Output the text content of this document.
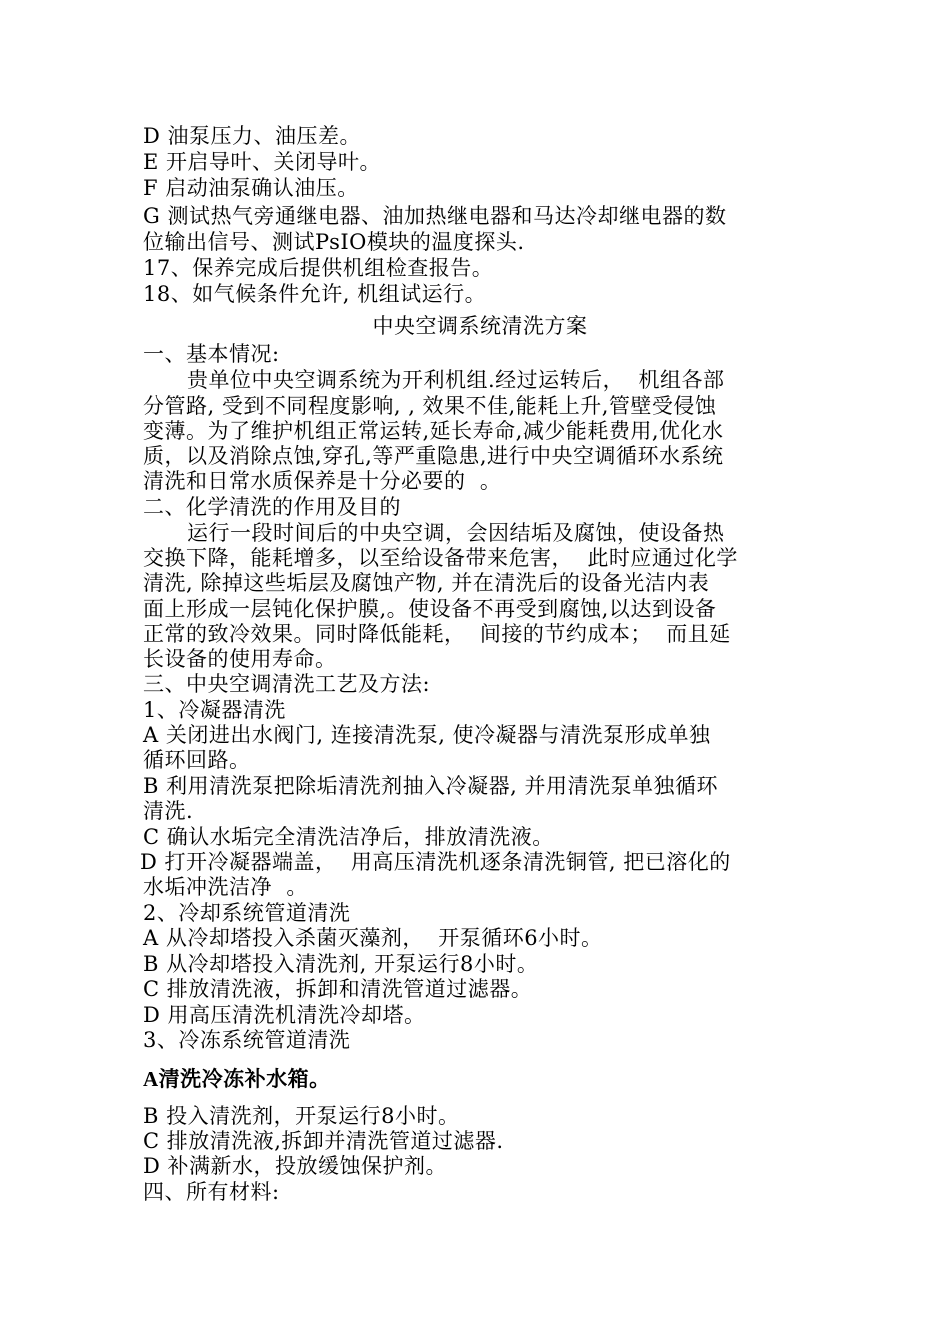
D 油泵压力、油压差。
E 开启导叶、关闭导叶。
F 启动油泵确认油压。
G 测试热气旁通继电器、油加热继电器和马达冷却继电器的数
位输出信号、测试PsIO模块的温度探头.
17、保养完成后提供机组检查报告。
18、如气候条件允许, 机组试运行。
中央空调系统清洗方案
一、基本情况:
贵单位中央空调系统为开利机组.经过运转后，  机组各部
分管路, 受到不同程度影响, , 效果不佳,能耗上升,管壁受侵蚀
变薄。为了维护机组正常运转,延长寿命,减少能耗费用,优化水
质，以及消除点蚀,穿孔,等严重隐患,进行中央空调循环水系统
清洗和日常水质保养是十分必要的  。
二、化学清洗的作用及目的
运行一段时间后的中央空调，会因结垢及腐蚀，使设备热
交换下降，能耗增多，以至给设备带来危害，  此时应通过化学
清洗, 除掉这些垢层及腐蚀产物, 并在清洗后的设备光洁内表
面上形成一层钝化保护膜,。使设备不再受到腐蚀,以达到设备
正常的致冷效果。同时降低能耗，  间接的节约成本；  而且延
长设备的使用寿命。
三、中央空调清洗工艺及方法:
1、冷凝器清洗
A 关闭进出水阀门, 连接清洗泵, 使冷凝器与清洗泵形成单独
循环回路。
B 利用清洗泵把除垢清洗剂抽入冷凝器, 并用清洗泵单独循环
清洗.
C 确认水垢完全清洗洁净后，排放清洗液。
D 打开冷凝器端盖，  用高压清洗机逐条清洗铜管, 把已溶化的
水垢冲洗洁净  。
2、冷却系统管道清洗
A 从冷却塔投入杀菌灭藻剂，  开泵循环6小时。
B 从冷却塔投入清洗剂, 开泵运行8小时。
C 排放清洗液，拆卸和清洗管道过滤器。
D 用高压清洗机清洗冷却塔。
3、冷冻系统管道清洗
A清洗冷冻补水箱。
B 投入清洗剂，开泵运行8小时。
C 排放清洗液,拆卸并清洗管道过滤器.
D 补满新水，投放缓蚀保护剂。
四、所有材料:
